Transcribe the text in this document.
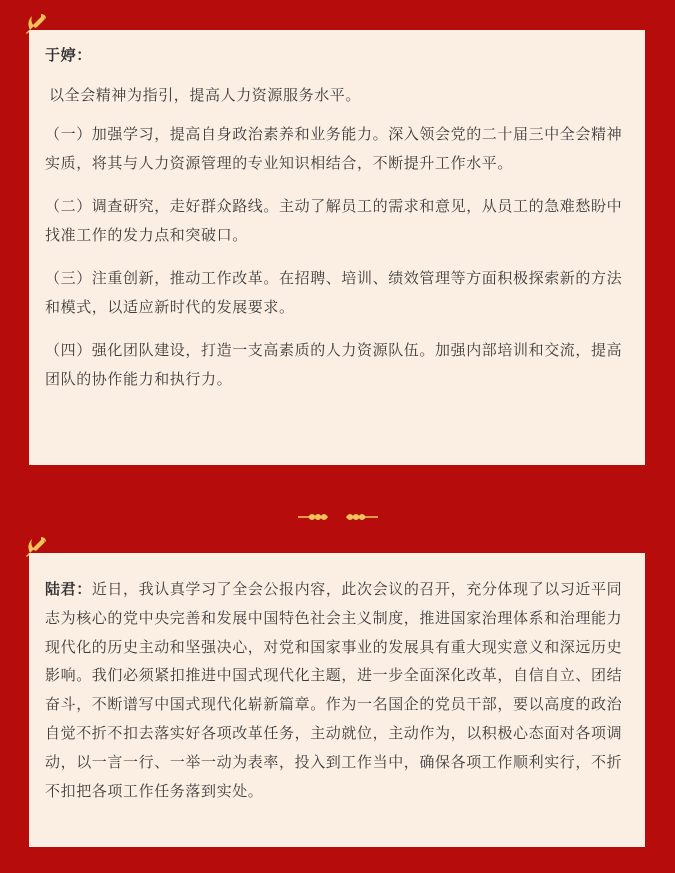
于婷：
以全会精神为指引，提高人力资源服务水平。

（一）加强学习，提高自身政治素养和业务能力。深入领会党的二十届三中全会精神实质，将其与人力资源管理的专业知识相结合，不断提升工作水平。

（二）调查研究，走好群众路线。主动了解员工的需求和意见，从员工的急难愁盼中找准工作的发力点和突破口。

（三）注重创新，推动工作改革。在招聘、培训、绩效管理等方面积极探索新的方法和模式，以适应新时代的发展要求。

（四）强化团队建设，打造一支高素质的人力资源队伍。加强内部培训和交流，提高团队的协作能力和执行力。

陆君：近日，我认真学习了全会公报内容，此次会议的召开，充分体现了以习近平同志为核心的党中央完善和发展中国特色社会主义制度，推进国家治理体系和治理能力现代化的历史主动和坚强决心，对党和国家事业的发展具有重大现实意义和深远历史影响。我们必须紧扣推进中国式现代化主题，进一步全面深化改革，自信自立、团结奋斗，不断谱写中国式现代化崭新篇章。作为一名国企的党员干部，要以高度的政治自觉不折不扣去落实好各项改革任务，主动就位，主动作为，以积极心态面对各项调动，以一言一行、一举一动为表率，投入到工作当中，确保各项工作顺利实行，不折不扣把各项工作任务落到实处。
